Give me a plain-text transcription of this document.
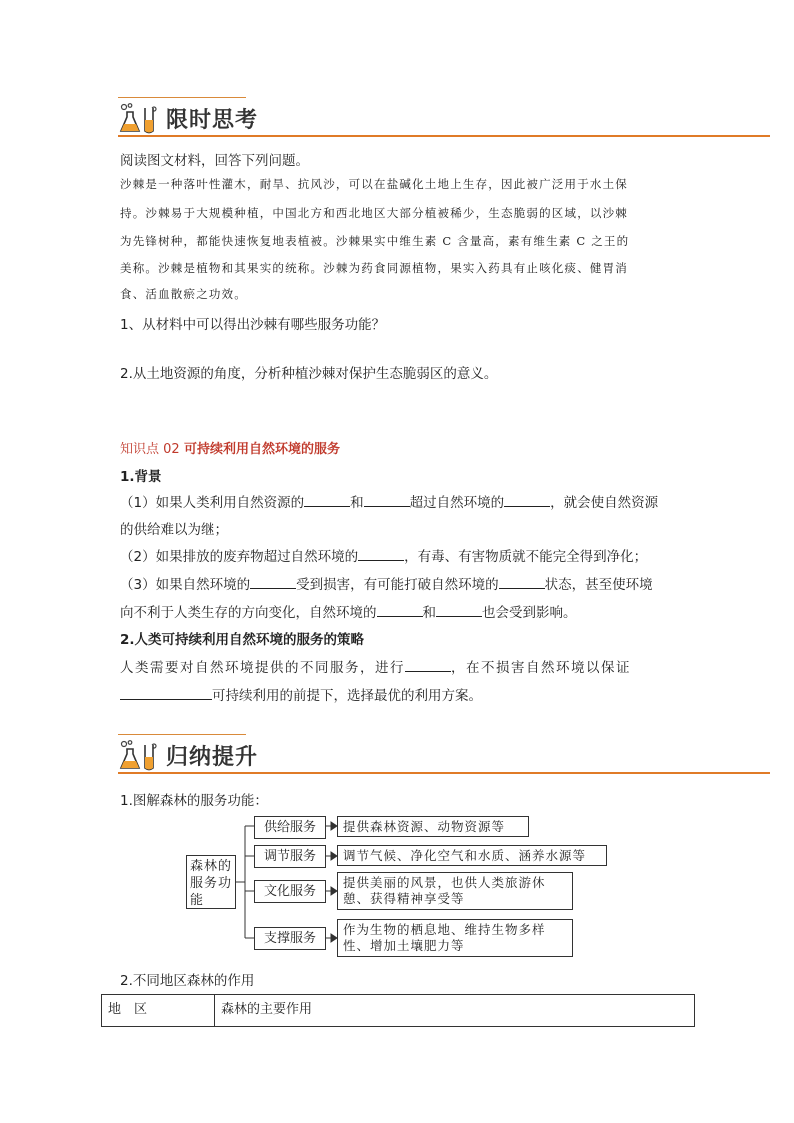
限时思考
阅读图文材料，回答下列问题。
沙棘是一种落叶性灌木，耐旱、抗风沙，可以在盐碱化土地上生存，因此被广泛用于水土保
持。沙棘易于大规模种植，中国北方和西北地区大部分植被稀少，生态脆弱的区域，以沙棘
为先锋树种，都能快速恢复地表植被。沙棘果实中维生素 C 含量高，素有维生素 C 之王的
美称。沙棘是植物和其果实的统称。沙棘为药食同源植物，果实入药具有止咳化痰、健胃消
食、活血散瘀之功效。
1、从材料中可以得出沙棘有哪些服务功能？
2.从土地资源的角度，分析种植沙棘对保护生态脆弱区的意义。
知识点 02 可持续利用自然环境的服务
1.背景
（1）如果人类利用自然资源的	和	超过自然环境的	，就会使自然资源
的供给难以为继；
（2）如果排放的废弃物超过自然环境的	，有毒、有害物质就不能完全得到净化；
（3）如果自然环境的	受到损害，有可能打破自然环境的	状态，甚至使环境
向不利于人类生存的方向变化，自然环境的	和	也会受到影响。
2.人类可持续利用自然环境的服务的策略
人类需要对自然环境提供的不同服务，进行	，在不损害自然环境以保证
可持续利用的前提下，选择最优的利用方案。
归纳提升
1.图解森林的服务功能：
森林的服务功能
供给服务
调节服务
文化服务
支撑服务
提供森林资源、动物资源等
调节气候、净化空气和水质、涵养水源等
提供美丽的风景，也供人类旅游休憩、获得精神享受等
作为生物的栖息地、维持生物多样性、增加土壤肥力等
2.不同地区森林的作用
地　区	森林的主要作用
